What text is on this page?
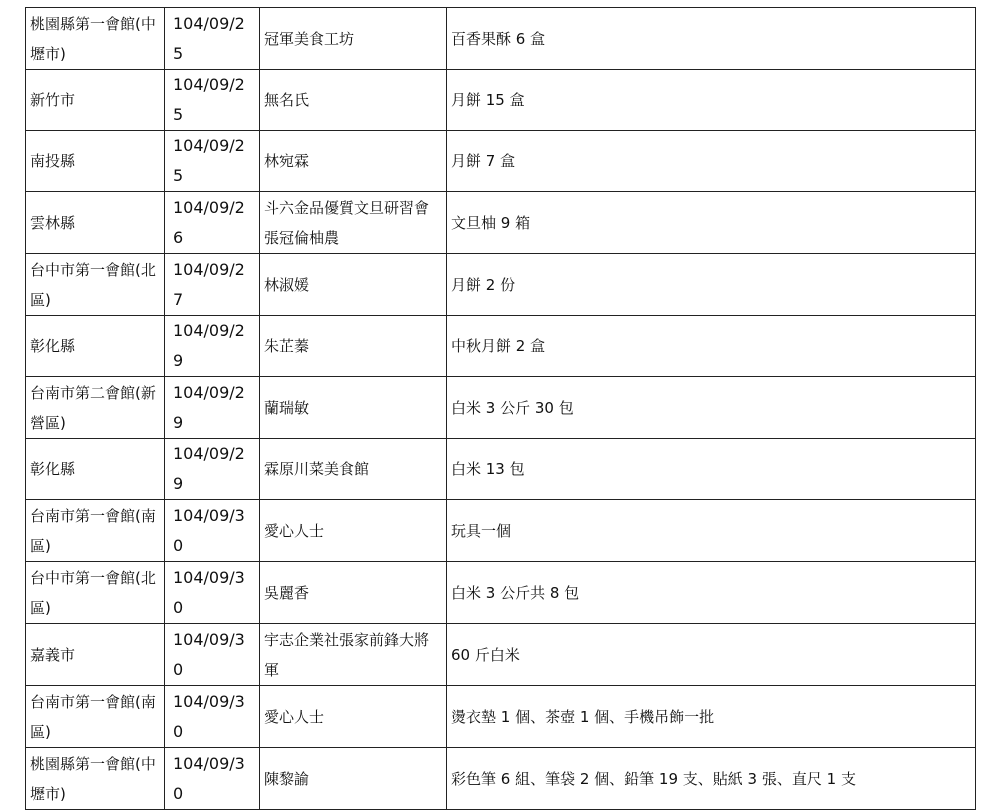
桃園縣第一會館(中壢市)	104/09/25	冠軍美食工坊	百香果酥 6 盒
新竹市	104/09/25	無名氏	月餅 15 盒
南投縣	104/09/25	林宛霖	月餅 7 盒
雲林縣	104/09/26	斗六金品優質文旦研習會張冠倫柚農	文旦柚 9 箱
台中市第一會館(北區)	104/09/27	林淑媛	月餅 2 份
彰化縣	104/09/29	朱芷蓁	中秋月餅 2 盒
台南市第二會館(新營區)	104/09/29	蘭瑞敏	白米 3 公斤 30 包
彰化縣	104/09/29	霖原川菜美食館	白米 13 包
台南市第一會館(南區)	104/09/30	愛心人士	玩具一個
台中市第一會館(北區)	104/09/30	吳麗香	白米 3 公斤共 8 包
嘉義市	104/09/30	宇志企業社張家前鋒大將軍	60 斤白米
台南市第一會館(南區)	104/09/30	愛心人士	燙衣墊 1 個、茶壺 1 個、手機吊飾一批
桃園縣第一會館(中壢市)	104/09/30	陳黎諭	彩色筆 6 組、筆袋 2 個、鉛筆 19 支、貼紙 3 張、直尺 1 支
